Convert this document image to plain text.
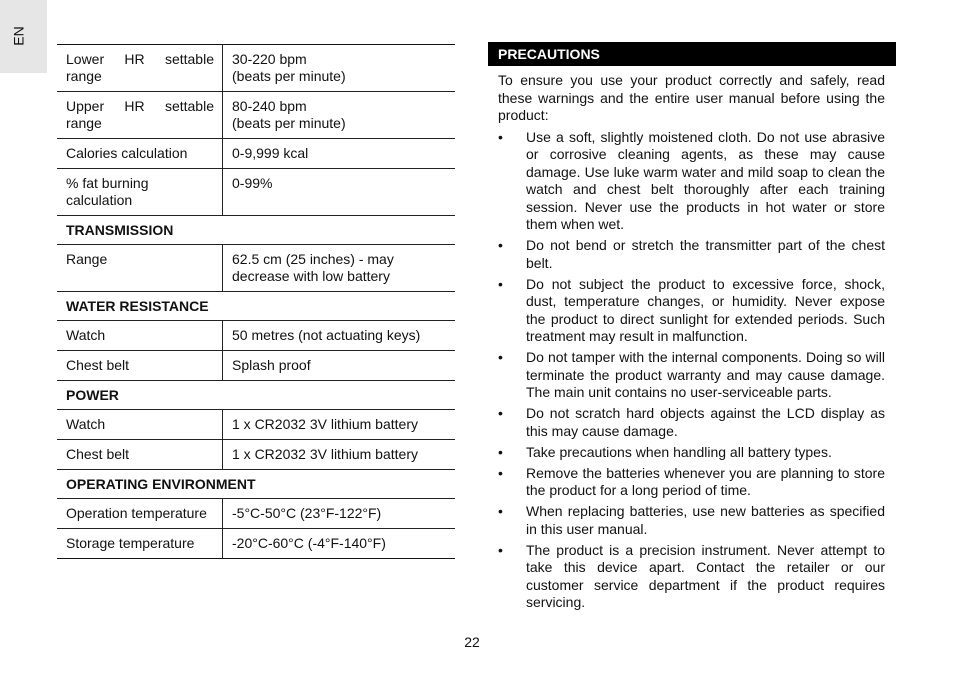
EN
Lower HR settable range	30-220 bpm
(beats per minute)
Upper HR settable range	80-240 bpm
(beats per minute)
Calories calculation	0-9,999 kcal
% fat burning calculation	0-99%
TRANSMISSION	
Range	62.5 cm (25 inches) - may decrease with low battery
WATER RESISTANCE	
Watch	50 metres (not actuating keys)
Chest belt	Splash proof
POWER	
Watch	1 x CR2032 3V lithium battery
Chest belt	1 x CR2032 3V lithium battery
OPERATING ENVIRONMENT	
Operation temperature	-5°C-50°C (23°F-122°F)
Storage temperature	-20°C-60°C (-4°F-140°F)
PRECAUTIONS
To ensure you use your product correctly and safely, read these warnings and the entire user manual before using the product:
• Use a soft, slightly moistened cloth. Do not use abrasive or corrosive cleaning agents, as these may cause damage. Use luke warm water and mild soap to clean the watch and chest belt thoroughly after each training session. Never use the products in hot water or store them when wet.
• Do not bend or stretch the transmitter part of the chest belt.
• Do not subject the product to excessive force, shock, dust, temperature changes, or humidity. Never expose the product to direct sunlight for extended periods. Such treatment may result in malfunction.
• Do not tamper with the internal components. Doing so will terminate the product warranty and may cause damage. The main unit contains no user-serviceable parts.
• Do not scratch hard objects against the LCD display as this may cause damage.
• Take precautions when handling all battery types.
• Remove the batteries whenever you are planning to store the product for a long period of time.
• When replacing batteries, use new batteries as specified in this user manual.
• The product is a precision instrument. Never attempt to take this device apart. Contact the retailer or our customer service department if the product requires servicing.
22
